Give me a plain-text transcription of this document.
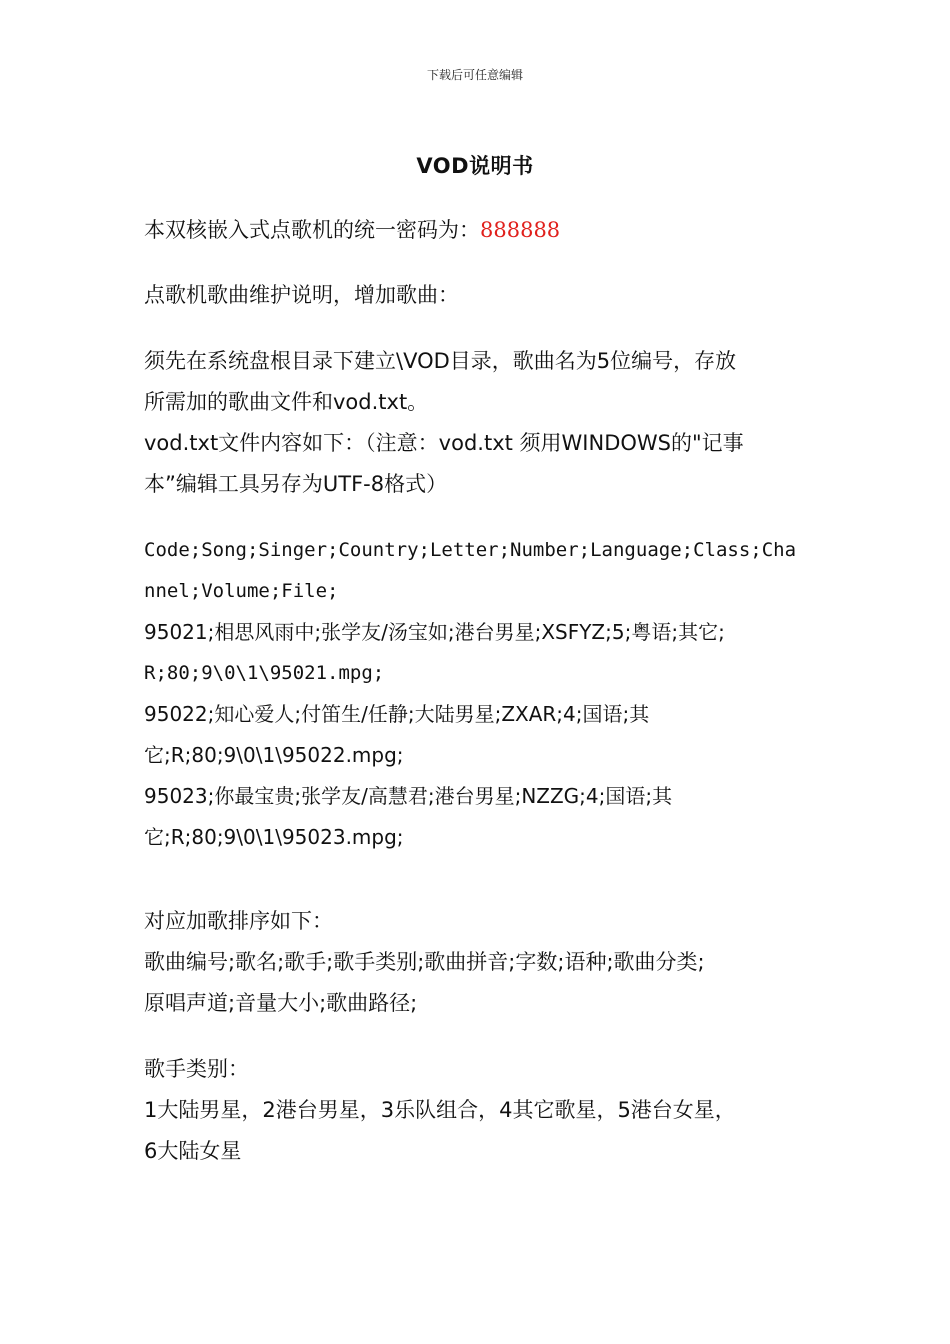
下载后可任意编辑
VOD说明书
本双核嵌入式点歌机的统一密码为：888888
点歌机歌曲维护说明，增加歌曲：
须先在系统盘根目录下建立\VOD目录，歌曲名为5位编号，存放
所需加的歌曲文件和vod.txt。
vod.txt文件内容如下：（注意：vod.txt 须用WINDOWS的"记事
本”编辑工具另存为UTF-8格式）
Code;Song;Singer;Country;Letter;Number;Language;Class;Cha
nnel;Volume;File;
95021;相思风雨中;张学友/汤宝如;港台男星;XSFYZ;5;粤语;其它;
R;80;9\0\1\95021.mpg;
95022;知心爱人;付笛生/任静;大陆男星;ZXAR;4;国语;其
它;R;80;9\0\1\95022.mpg;
95023;你最宝贵;张学友/高慧君;港台男星;NZZG;4;国语;其
它;R;80;9\0\1\95023.mpg;
对应加歌排序如下：
歌曲编号;歌名;歌手;歌手类别;歌曲拼音;字数;语种;歌曲分类;
原唱声道;音量大小;歌曲路径;
歌手类别：
1大陆男星，2港台男星，3乐队组合，4其它歌星，5港台女星，
6大陆女星
